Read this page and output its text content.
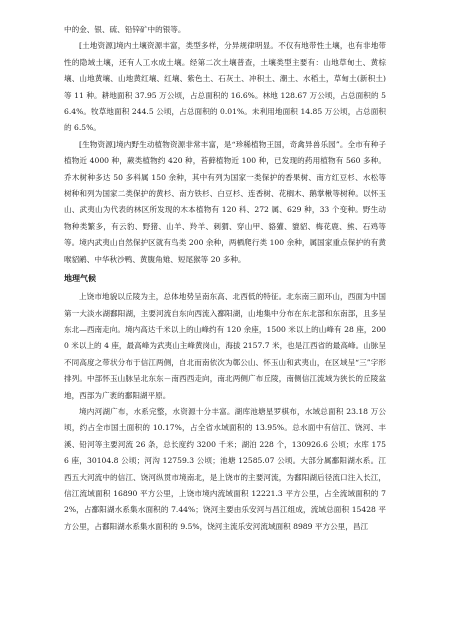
中的金、银、硫、铅锌矿中的银等。

[土地资源]境内土壤资源丰富，类型多样，分异规律明显。不仅有地带性土壤，也有非地带性的隐域土壤，还有人工水成土壤。经第二次土壤普查，土壤类型主要有：山地草甸土、黄棕壤、山地黄壤、山地黄红壤、红壤、紫色土、石灰土、冲积土、潮土、水稻土，草甸土(新积土)等 11 种。耕地面积 37.95 万公顷，占总面积的 16.6%。林地 128.67 万公顷，占总面积的 56.4%。牧草地面积 244.5 公顷，占总面积的 0.01%。未利用地面积 14.85 万公顷，占总面积的 6.5%。

[生物资源]境内野生动植物资源非常丰富，是“珍稀植物王国，奇禽异兽乐园”。全市有种子植物近 4000 种，蕨类植物约 420 种，苔藓植物近 100 种，已发现的药用植物有 560 多种。乔木树种多达 50 多科属 150 余种，其中有列为国家一类保护的香果树、南方红豆杉、水松等树种和列为国家二类保护的黄杉、南方铁杉、白豆杉、连香树、花榈木、鹅掌楸等树种。以怀玉山、武夷山为代表的林区所发现的木本植物有 120 科、272 属、629 种，33 个变种。野生动物种类繁多，有云豹、野猪、山羊、羚羊、刺猬、穿山甲、貉獾、貔貂、梅花鹿、熊、石鸡等等。境内武夷山自然保护区就有鸟类 200 余种，两栖爬行类 100 余种，属国家重点保护的有黄喉貂鹇、中华秋沙鸭、黄腹角雉、短尾猴等 20 多种。

地理气候

上饶市地貌以丘陵为主，总体地势呈南东高、北西低的特征。北东南三面环山，西面为中国第一大淡水湖鄱阳湖，主要河流自东向西流入鄱阳湖，山地集中分布在东北部和东南部，且多呈东北—西南走向。境内高达千米以上的山峰约有 120 余座，1500 米以上的山峰有 28 座，2000 米以上的 4 座，最高峰为武夷山主峰黄岗山，海拔 2157.7 米，也是江西省的最高峰。山脉呈不同高度之带状分布于信江两侧，自北而南依次为鄣公山、怀玉山和武夷山，在区域呈“三”字形排列。中部怀玉山脉呈北东东－南西西走向，南北两侧广布丘陵，南侧信江流域为狭长的丘陵盆地，西部为广袤的鄱阳湖平原。

境内河湖广布，水系完整，水资源十分丰富。湖库池塘星罗棋布，水域总面积 23.18 万公顷，约占全市国土面积的 10.17%，占全省水域面积的 13.95%。总水面中有信江、饶河、丰溪、铅河等主要河流 26 条，总长度约 3200 千米；湖泊 228 个，130926.6 公顷；水库 1756 座，30104.8 公顷；河沟 12759.3 公顷；池塘 12585.07 公顷。大部分属鄱阳湖水系。江西五大河流中的信江、饶河纵贯市境南北，是上饶市的主要河流，为鄱阳湖后径流口注入长江，信江流域面积 16890 平方公里，上饶市境内流域面积 12221.3 平方公里，占全流域面积的 72%，占鄱阳湖水系集水面积的 7.44%；饶河主要由乐安河与昌江组成，流域总面积 15428 平方公里，占鄱阳湖水系集水面积的 9.5%，饶河主流乐安河流域面积 8989 平方公里，昌江
